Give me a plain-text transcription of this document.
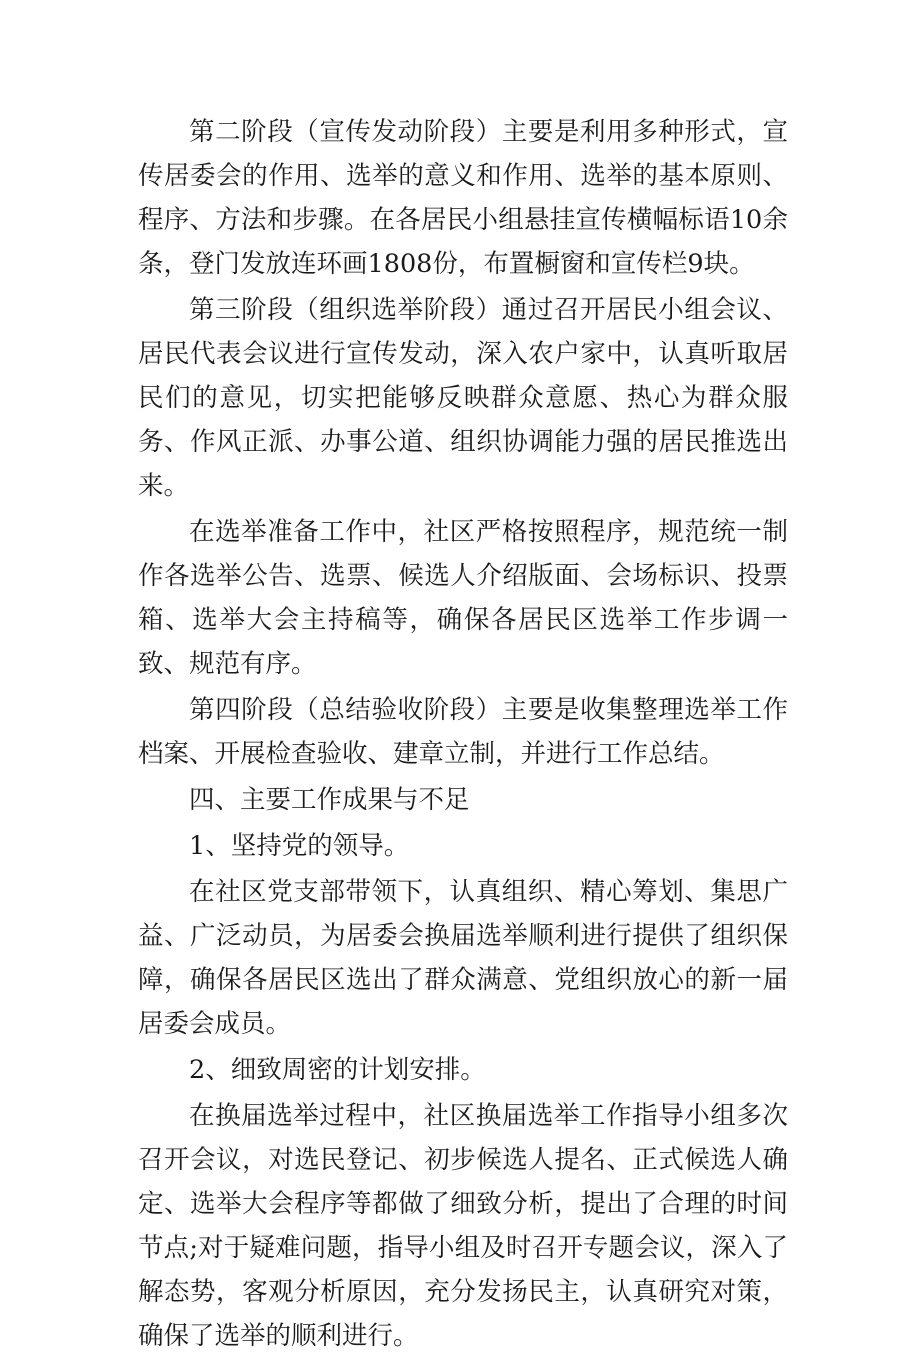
第二阶段（宣传发动阶段）主要是利用多种形式，宣传居委会的作用、选举的意义和作用、选举的基本原则、程序、方法和步骤。在各居民小组悬挂宣传横幅标语10余条，登门发放连环画1808份，布置橱窗和宣传栏9块。

第三阶段（组织选举阶段）通过召开居民小组会议、居民代表会议进行宣传发动，深入农户家中，认真听取居民们的意见，切实把能够反映群众意愿、热心为群众服务、作风正派、办事公道、组织协调能力强的居民推选出来。

在选举准备工作中，社区严格按照程序，规范统一制作各选举公告、选票、候选人介绍版面、会场标识、投票箱、选举大会主持稿等，确保各居民区选举工作步调一致、规范有序。

第四阶段（总结验收阶段）主要是收集整理选举工作档案、开展检查验收、建章立制，并进行工作总结。

四、主要工作成果与不足

1、坚持党的领导。

在社区党支部带领下，认真组织、精心筹划、集思广益、广泛动员，为居委会换届选举顺利进行提供了组织保障，确保各居民区选出了群众满意、党组织放心的新一届居委会成员。

2、细致周密的计划安排。

在换届选举过程中，社区换届选举工作指导小组多次召开会议，对选民登记、初步候选人提名、正式候选人确定、选举大会程序等都做了细致分析，提出了合理的时间节点;对于疑难问题，指导小组及时召开专题会议，深入了解态势，客观分析原因，充分发扬民主，认真研究对策，确保了选举的顺利进行。
